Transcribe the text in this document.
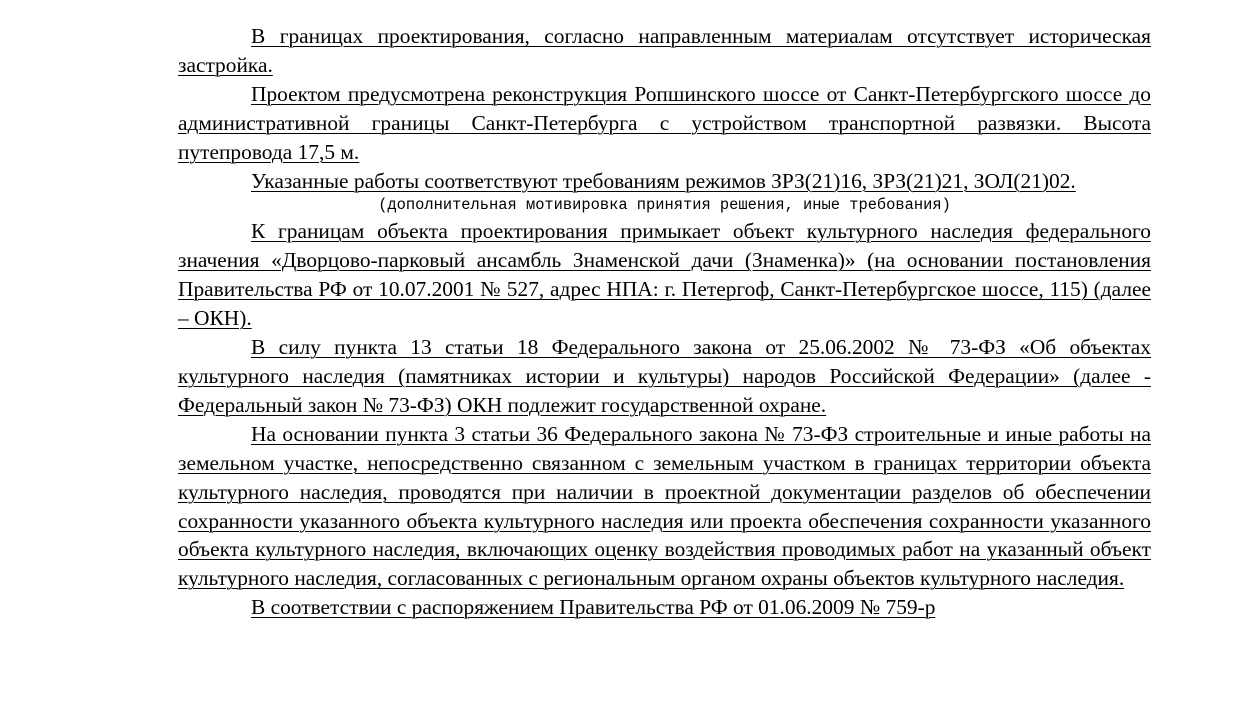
В границах проектирования, согласно направленным материалам отсутствует историческая застройка.

Проектом предусмотрена реконструкция Ропшинского шоссе от Санкт-Петербургского шоссе до административной границы Санкт-Петербурга с устройством транспортной развязки. Высота путепровода 17,5 м.

Указанные работы соответствуют требованиям режимов ЗРЗ(21)16, ЗРЗ(21)21, ЗОЛ(21)02.

(дополнительная мотивировка принятия решения, иные требования)

К границам объекта проектирования примыкает объект культурного наследия федерального значения «Дворцово-парковый ансамбль Знаменской дачи (Знаменка)» (на основании постановления Правительства РФ от 10.07.2001 № 527, адрес НПА: г. Петергоф, Санкт-Петербургское шоссе, 115) (далее – ОКН).

В силу пункта 13 статьи 18 Федерального закона от 25.06.2002 № 73-ФЗ «Об объектах культурного наследия (памятниках истории и культуры) народов Российской Федерации» (далее - Федеральный закон № 73-ФЗ) ОКН подлежит государственной охране.

На основании пункта 3 статьи 36 Федерального закона № 73-ФЗ строительные и иные работы на земельном участке, непосредственно связанном с земельным участком в границах территории объекта культурного наследия, проводятся при наличии в проектной документации разделов об обеспечении сохранности указанного объекта культурного наследия или проекта обеспечения сохранности указанного объекта культурного наследия, включающих оценку воздействия проводимых работ на указанный объект культурного наследия, согласованных с региональным органом охраны объектов культурного наследия.

В соответствии с распоряжением Правительства РФ от 01.06.2009 № 759-р
